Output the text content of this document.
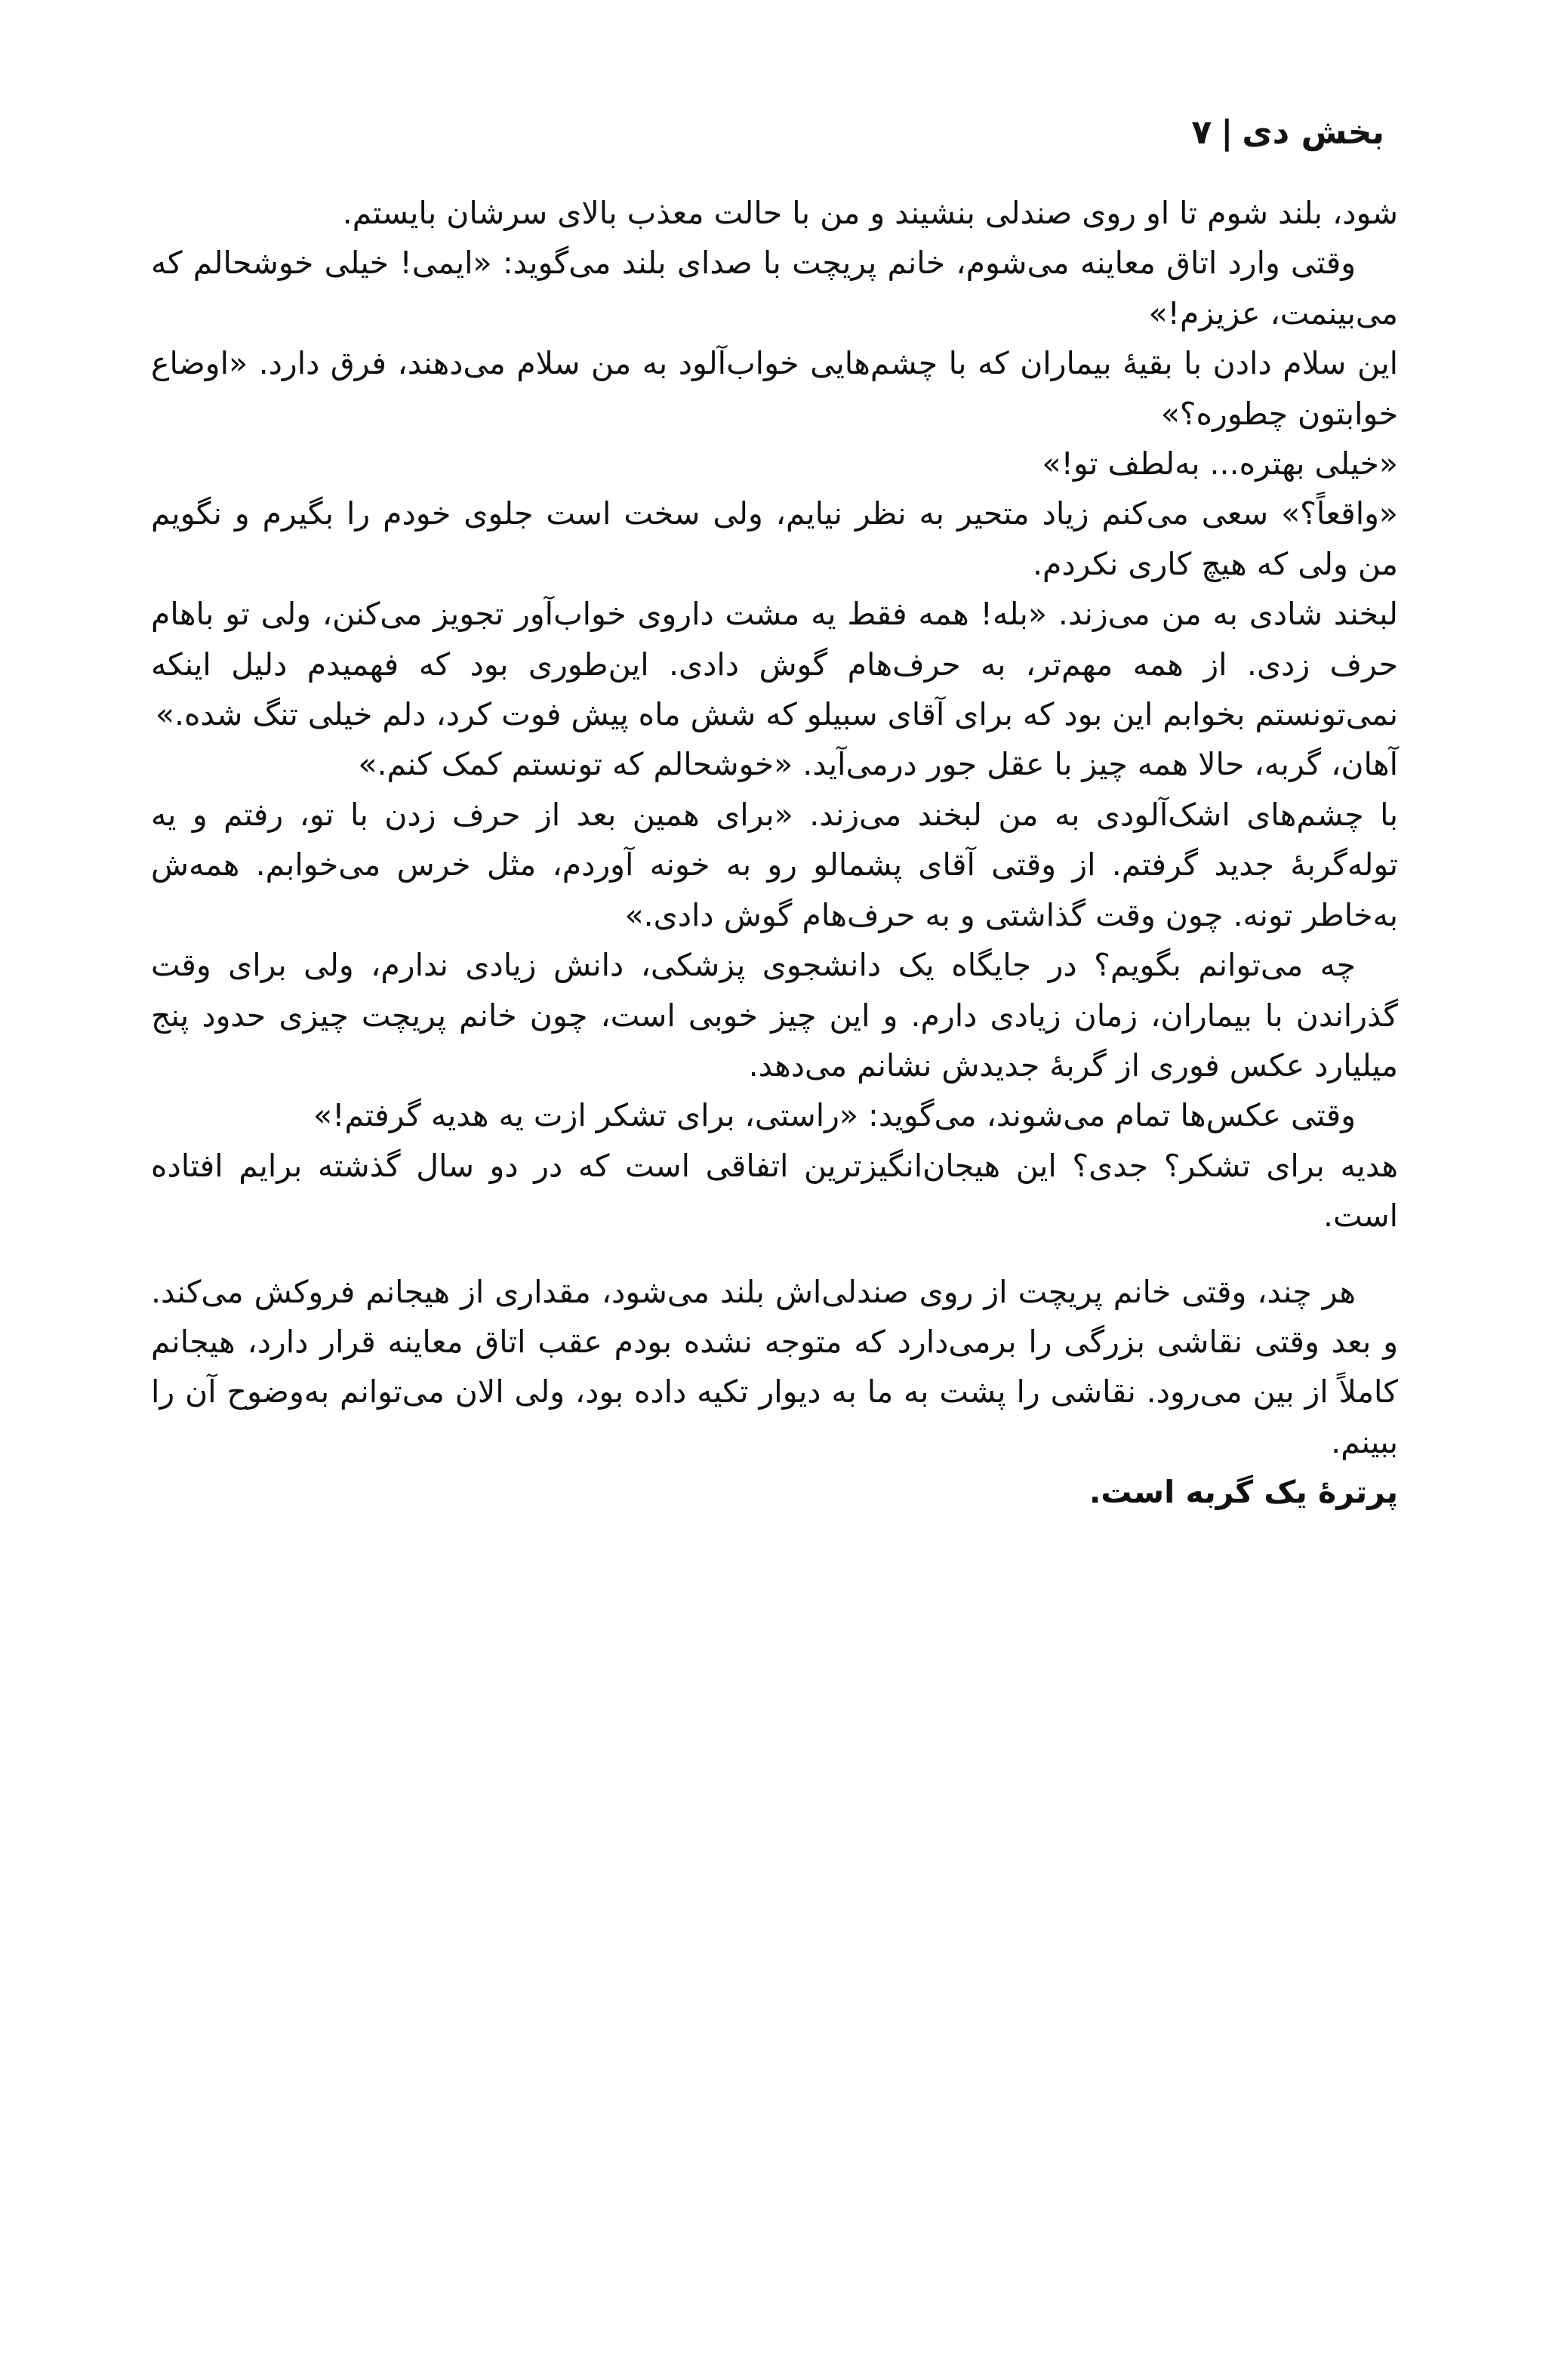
بخش دی|۷

شود، بلند شوم تا او روی صندلی بنشیند و من با حالت معذب بالای سرشان بایستم.

وقتی وارد اتاق معاینه می‌شوم، خانم پریچت با صدای بلند می‌گوید: «ایمی! خیلی خوشحالم که می‌بینمت، عزیزم!»

این سلام دادن با بقیهٔ بیماران که با چشم‌هایی خواب‌آلود به من سلام می‌دهند، فرق دارد. «اوضاع خوابتون چطوره؟»

«خیلی بهتره... به‌لطف تو!»

«واقعاً؟» سعی می‌کنم زیاد متحیر به نظر نیایم، ولی سخت است جلوی خودم را بگیرم و نگویم من ولی که هیچ کاری نکردم.

لبخند شادی به من می‌زند. «بله! همه فقط یه مشت داروی خواب‌آور تجویز می‌کنن، ولی تو باهام حرف زدی. از همه مهم‌تر، به حرف‌هام گوش دادی. این‌طوری بود که فهمیدم دلیل اینکه نمی‌تونستم بخوابم این بود که برای آقای سبیلو که شش ماه پیش فوت کرد، دلم خیلی تنگ شده.»

آهان، گربه، حالا همه چیز با عقل جور درمی‌آید. «خوشحالم که تونستم کمک کنم.»

با چشم‌های اشک‌آلودی به من لبخند می‌زند. «برای همین بعد از حرف زدن با تو، رفتم و یه توله‌گربهٔ جدید گرفتم. از وقتی آقای پشمالو رو به خونه آوردم، مثل خرس می‌خوابم. همه‌ش به‌خاطر تونه. چون وقت گذاشتی و به حرف‌هام گوش دادی.»

چه می‌توانم بگویم؟ در جایگاه یک دانشجوی پزشکی، دانش زیادی ندارم، ولی برای وقت گذراندن با بیماران، زمان زیادی دارم. و این چیز خوبی است، چون خانم پریچت چیزی حدود پنج میلیارد عکس فوری از گربهٔ جدیدش نشانم می‌دهد.

وقتی عکس‌ها تمام می‌شوند، می‌گوید: «راستی، برای تشکر ازت یه هدیه گرفتم!»

هدیه برای تشکر؟ جدی؟ این هیجان‌انگیزترین اتفاقی است که در دو سال گذشته برایم افتاده است.

هر چند، وقتی خانم پریچت از روی صندلی‌اش بلند می‌شود، مقداری از هیجانم فروکش می‌کند. و بعد وقتی نقاشی بزرگی را برمی‌دارد که متوجه نشده بودم عقب اتاق معاینه قرار دارد، هیجانم کاملاً از بین می‌رود. نقاشی را پشت به ما به دیوار تکیه داده بود، ولی الان می‌توانم به‌وضوح آن را ببینم.

پرترهٔ یک گربه است.
